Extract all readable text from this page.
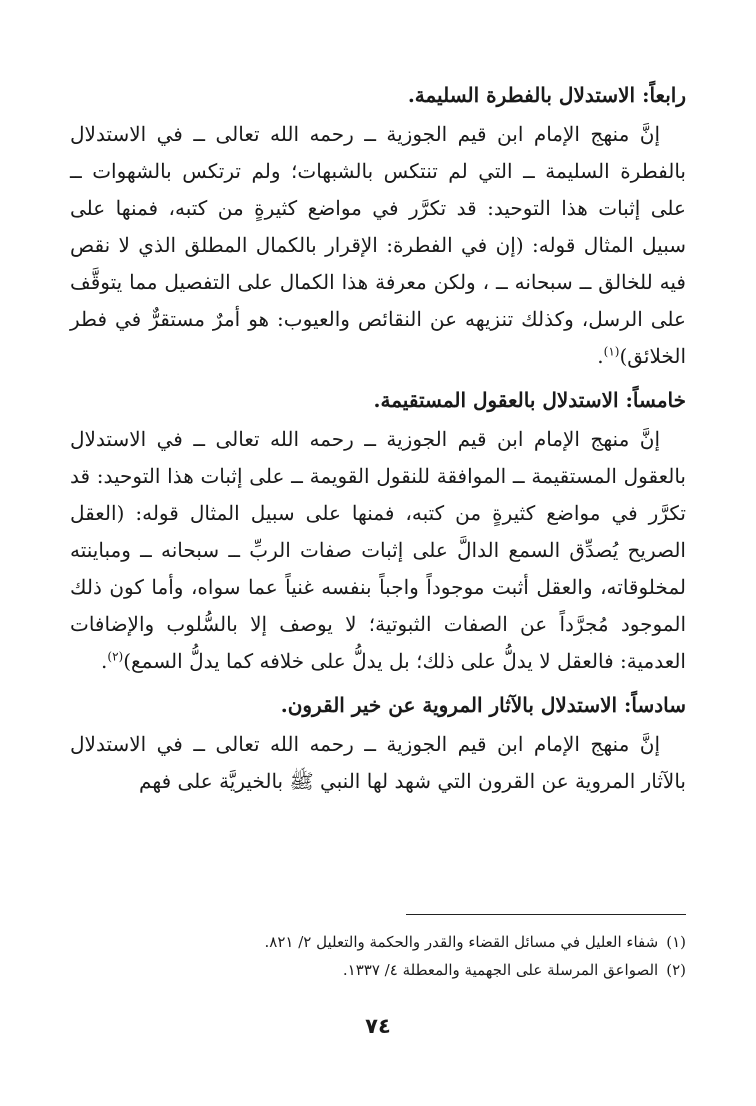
رابعاً: الاستدلال بالفطرة السليمة.

إنَّ منهج الإمام ابن قيم الجوزية ــ رحمه الله تعالى ــ في الاستدلال بالفطرة السليمة ــ التي لم تنتكس بالشبهات؛ ولم ترتكس بالشهوات ــ على إثبات هذا التوحيد: قد تكرَّر في مواضع كثيرةٍ من كتبه، فمنها على سبيل المثال قوله: (إن في الفطرة: الإقرار بالكمال المطلق الذي لا نقص فيه للخالق ــ سبحانه ــ ، ولكن معرفة هذا الكمال على التفصيل مما يتوقَّف على الرسل، وكذلك تنزيهه عن النقائص والعيوب: هو أمرٌ مستقرٌّ في فطر الخلائق)$^{(١)}$.

خامساً: الاستدلال بالعقول المستقيمة.

إنَّ منهج الإمام ابن قيم الجوزية ــ رحمه الله تعالى ــ في الاستدلال بالعقول المستقيمة ــ الموافقة للنقول القويمة ــ على إثبات هذا التوحيد: قد تكرَّر في مواضع كثيرةٍ من كتبه، فمنها على سبيل المثال قوله: (العقل الصريح يُصدِّق السمع الدالَّ على إثبات صفات الربِّ ــ سبحانه ــ ومباينته لمخلوقاته، والعقل أثبت موجوداً واجباً بنفسه غنياً عما سواه، وأما كون ذلك الموجود مُجرَّداً عن الصفات الثبوتية؛ لا يوصف إلا بالسُّلوب والإضافات العدمية: فالعقل لا يدلُّ على ذلك؛ بل يدلُّ على خلافه كما يدلُّ السمع)$^{(٢)}$.

سادساً: الاستدلال بالآثار المروية عن خير القرون.

إنَّ منهج الإمام ابن قيم الجوزية ــ رحمه الله تعالى ــ في الاستدلال بالآثار المروية عن القرون التي شهد لها النبي ﷺ بالخيريَّة على فهم

(١)شفاء العليل في مسائل القضاء والقدر والحكمة والتعليل ٢/ ٨٢١.

(٢)الصواعق المرسلة على الجهمية والمعطلة ٤/ ١٣٣٧.

٧٤
